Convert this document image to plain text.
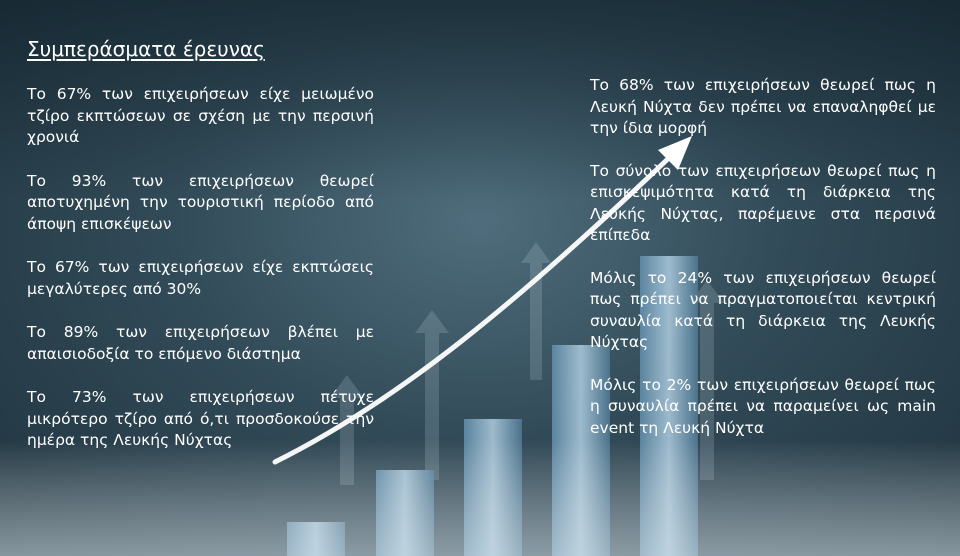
Συμπεράσματα έρευνας

Το 67% των επιχειρήσεων είχε μειωμένο τζίρο εκπτώσεων σε σχέση με την περσινή χρονιά

Το 93% των επιχειρήσεων θεωρεί αποτυχημένη την τουριστική περίοδο από άποψη επισκέψεων

Το 67% των επιχειρήσεων είχε εκπτώσεις μεγαλύτερες από 30%

Το 89% των επιχειρήσεων βλέπει με απαισιοδοξία το επόμενο διάστημα

Το 73% των επιχειρήσεων πέτυχε μικρότερο τζίρο από ό,τι προσδοκούσε την ημέρα της Λευκής Νύχτας

Το 68% των επιχειρήσεων θεωρεί πως η Λευκή Νύχτα δεν πρέπει να επαναληφθεί με την ίδια μορφή

Το σύνολο των επιχειρήσεων θεωρεί πως η επισκεψιμότητα κατά τη διάρκεια της Λευκής Νύχτας, παρέμεινε στα περσινά επίπεδα

Μόλις το 24% των επιχειρήσεων θεωρεί πως πρέπει να πραγματοποιείται κεντρική συναυλία κατά τη διάρκεια της Λευκής Νύχτας

Μόλις το 2% των επιχειρήσεων θεωρεί πως η συναυλία πρέπει να παραμείνει ως main event τη Λευκή Νύχτα
